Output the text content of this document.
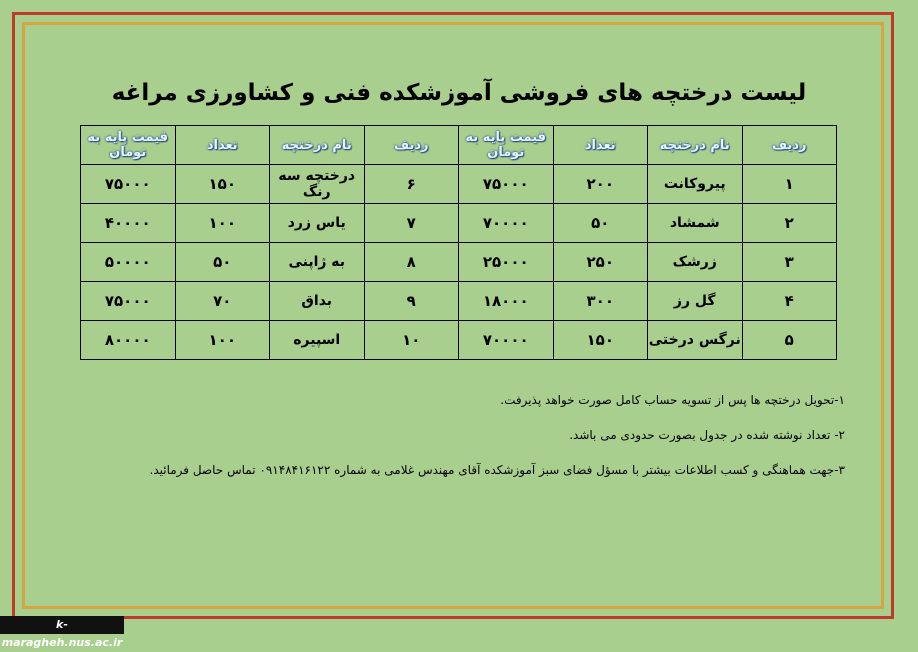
لیست درختچه های فروشی آموزشکده فنی و کشاورزی مراغه
ردیف	نام درختچه	تعداد	قیمت پایه به تومان	ردیف	نام درختچه	تعداد	قیمت پایه به تومان
۱	پیروکانت	۲۰۰	۷۵۰۰۰	۶	درختچه سه رنگ	۱۵۰	۷۵۰۰۰
۲	شمشاد	۵۰	۷۰۰۰۰	۷	یاس زرد	۱۰۰	۴۰۰۰۰
۳	زرشک	۲۵۰	۲۵۰۰۰	۸	به ژاپنی	۵۰	۵۰۰۰۰
۴	گل رز	۳۰۰	۱۸۰۰۰	۹	بداق	۷۰	۷۵۰۰۰
۵	نرگس درختی	۱۵۰	۷۰۰۰۰	۱۰	اسپیره	۱۰۰	۸۰۰۰۰

۱-تحویل درختچه ها پس از تسویه حساب کامل صورت خواهد پذیرفت.

۲- تعداد نوشته شده در جدول بصورت حدودی می باشد.

۳-جهت هماهنگی و کسب اطلاعات بیشتر با مسؤل فضای سبز آموزشکده آقای مهندس غلامی به شماره ۰۹۱۴۸۴۱۶۱۲۲ تماس حاصل فرمائید.

k-maragheh.nus.ac.ir
